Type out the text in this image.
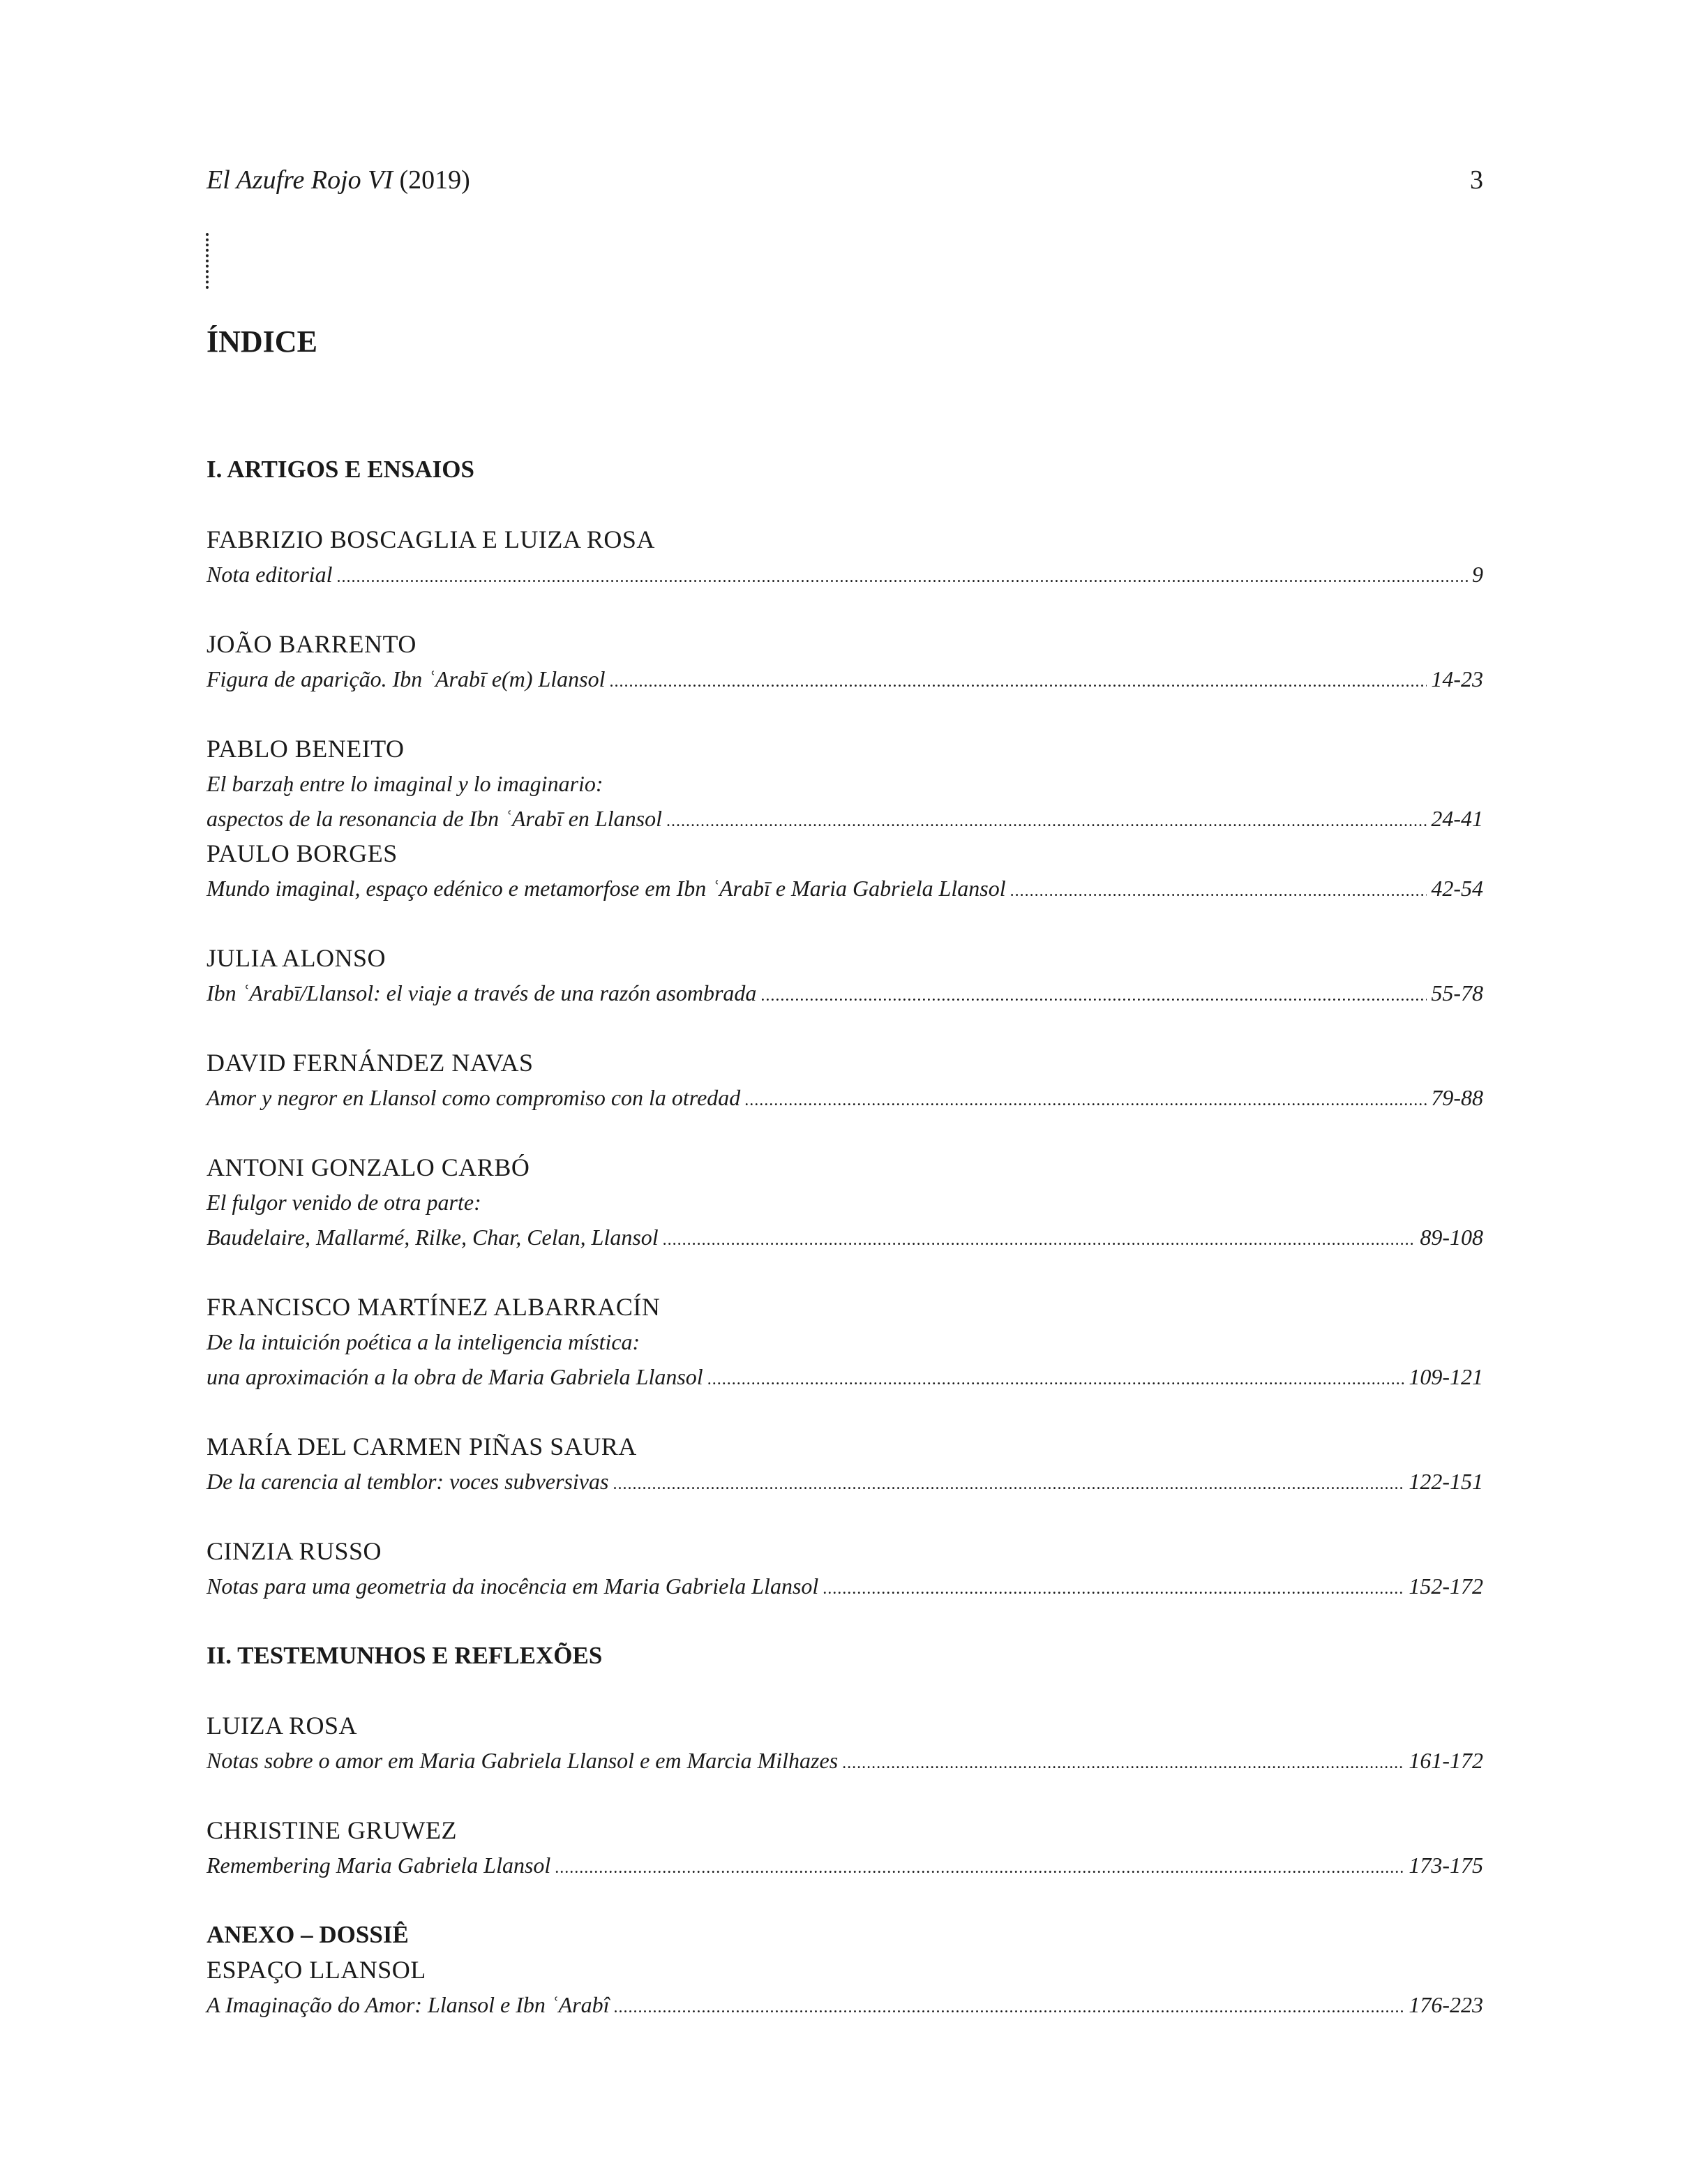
El Azufre Rojo VI (2019)	3
ÍNDICE
I. ARTIGOS E ENSAIOS
FABRIZIO BOSCAGLIA E LUIZA ROSA
Nota editorial .....	9
JOÃO BARRENTO
Figura de aparição. Ibn ʿArabī e(m) Llansol .....	14-23
PABLO BENEITO
El barzaḫ entre lo imaginal y lo imaginario:
aspectos de la resonancia de Ibn ʿArabī en Llansol .....	24-41
PAULO BORGES
Mundo imaginal, espaço edénico e metamorfose em Ibn ʿArabī e Maria Gabriela Llansol .....	42-54
JULIA ALONSO
Ibn ʿArabī/Llansol: el viaje a través de una razón asombrada .....	55-78
DAVID FERNÁNDEZ NAVAS
Amor y negror en Llansol como compromiso con la otredad .....	79-88
ANTONI GONZALO CARBÓ
El fulgor venido de otra parte:
Baudelaire, Mallarmé, Rilke, Char, Celan, Llansol .....	89-108
FRANCISCO MARTÍNEZ ALBARRACÍN
De la intuición poética a la inteligencia mística:
una aproximación a la obra de Maria Gabriela Llansol .....	109-121
MARÍA DEL CARMEN PIÑAS SAURA
De la carencia al temblor: voces subversivas .....	122-151
CINZIA RUSSO
Notas para uma geometria da inocência em Maria Gabriela Llansol .....	152-172
II. TESTEMUNHOS E REFLEXÕES
LUIZA ROSA
Notas sobre o amor em Maria Gabriela Llansol e em Marcia Milhazes .....	161-172
CHRISTINE GRUWEZ
Remembering Maria Gabriela Llansol .....	173-175
ANEXO – DOSSIÊ
ESPAÇO LLANSOL
A Imaginação do Amor: Llansol e Ibn ʿArabî .....	176-223
